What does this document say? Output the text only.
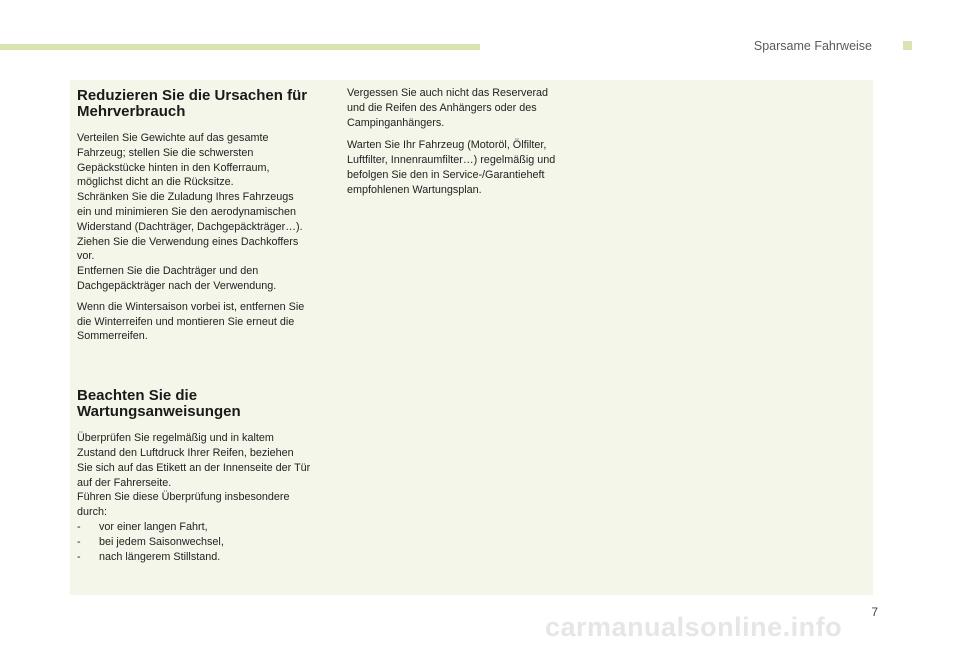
Sparsame Fahrweise
Reduzieren Sie die Ursachen für Mehrverbrauch

Verteilen Sie Gewichte auf das gesamte
Fahrzeug; stellen Sie die schwersten
Gepäckstücke hinten in den Kofferraum,
möglichst dicht an die Rücksitze.
Schränken Sie die Zuladung Ihres Fahrzeugs
ein und minimieren Sie den aerodynamischen
Widerstand (Dachträger, Dachgepäckträger…).
Ziehen Sie die Verwendung eines Dachkoffers
vor.
Entfernen Sie die Dachträger und den
Dachgepäckträger nach der Verwendung.

Wenn die Wintersaison vorbei ist, entfernen Sie
die Winterreifen und montieren Sie erneut die
Sommerreifen.

Beachten Sie die
Wartungsanweisungen

Überprüfen Sie regelmäßig und in kaltem
Zustand den Luftdruck Ihrer Reifen, beziehen
Sie sich auf das Etikett an der Innenseite der Tür
auf der Fahrerseite.
Führen Sie diese Überprüfung insbesondere
durch:

-	vor einer langen Fahrt,
-	bei jedem Saisonwechsel,
-	nach längerem Stillstand.

Vergessen Sie auch nicht das Reserverad
und die Reifen des Anhängers oder des
Campinganhängers.

Warten Sie Ihr Fahrzeug (Motoröl, Ölfilter,
Luftfilter, Innenraumfilter…) regelmäßig und
befolgen Sie den in Service-/Garantieheft
empfohlenen Wartungsplan.

7
carmanualsonline.info
